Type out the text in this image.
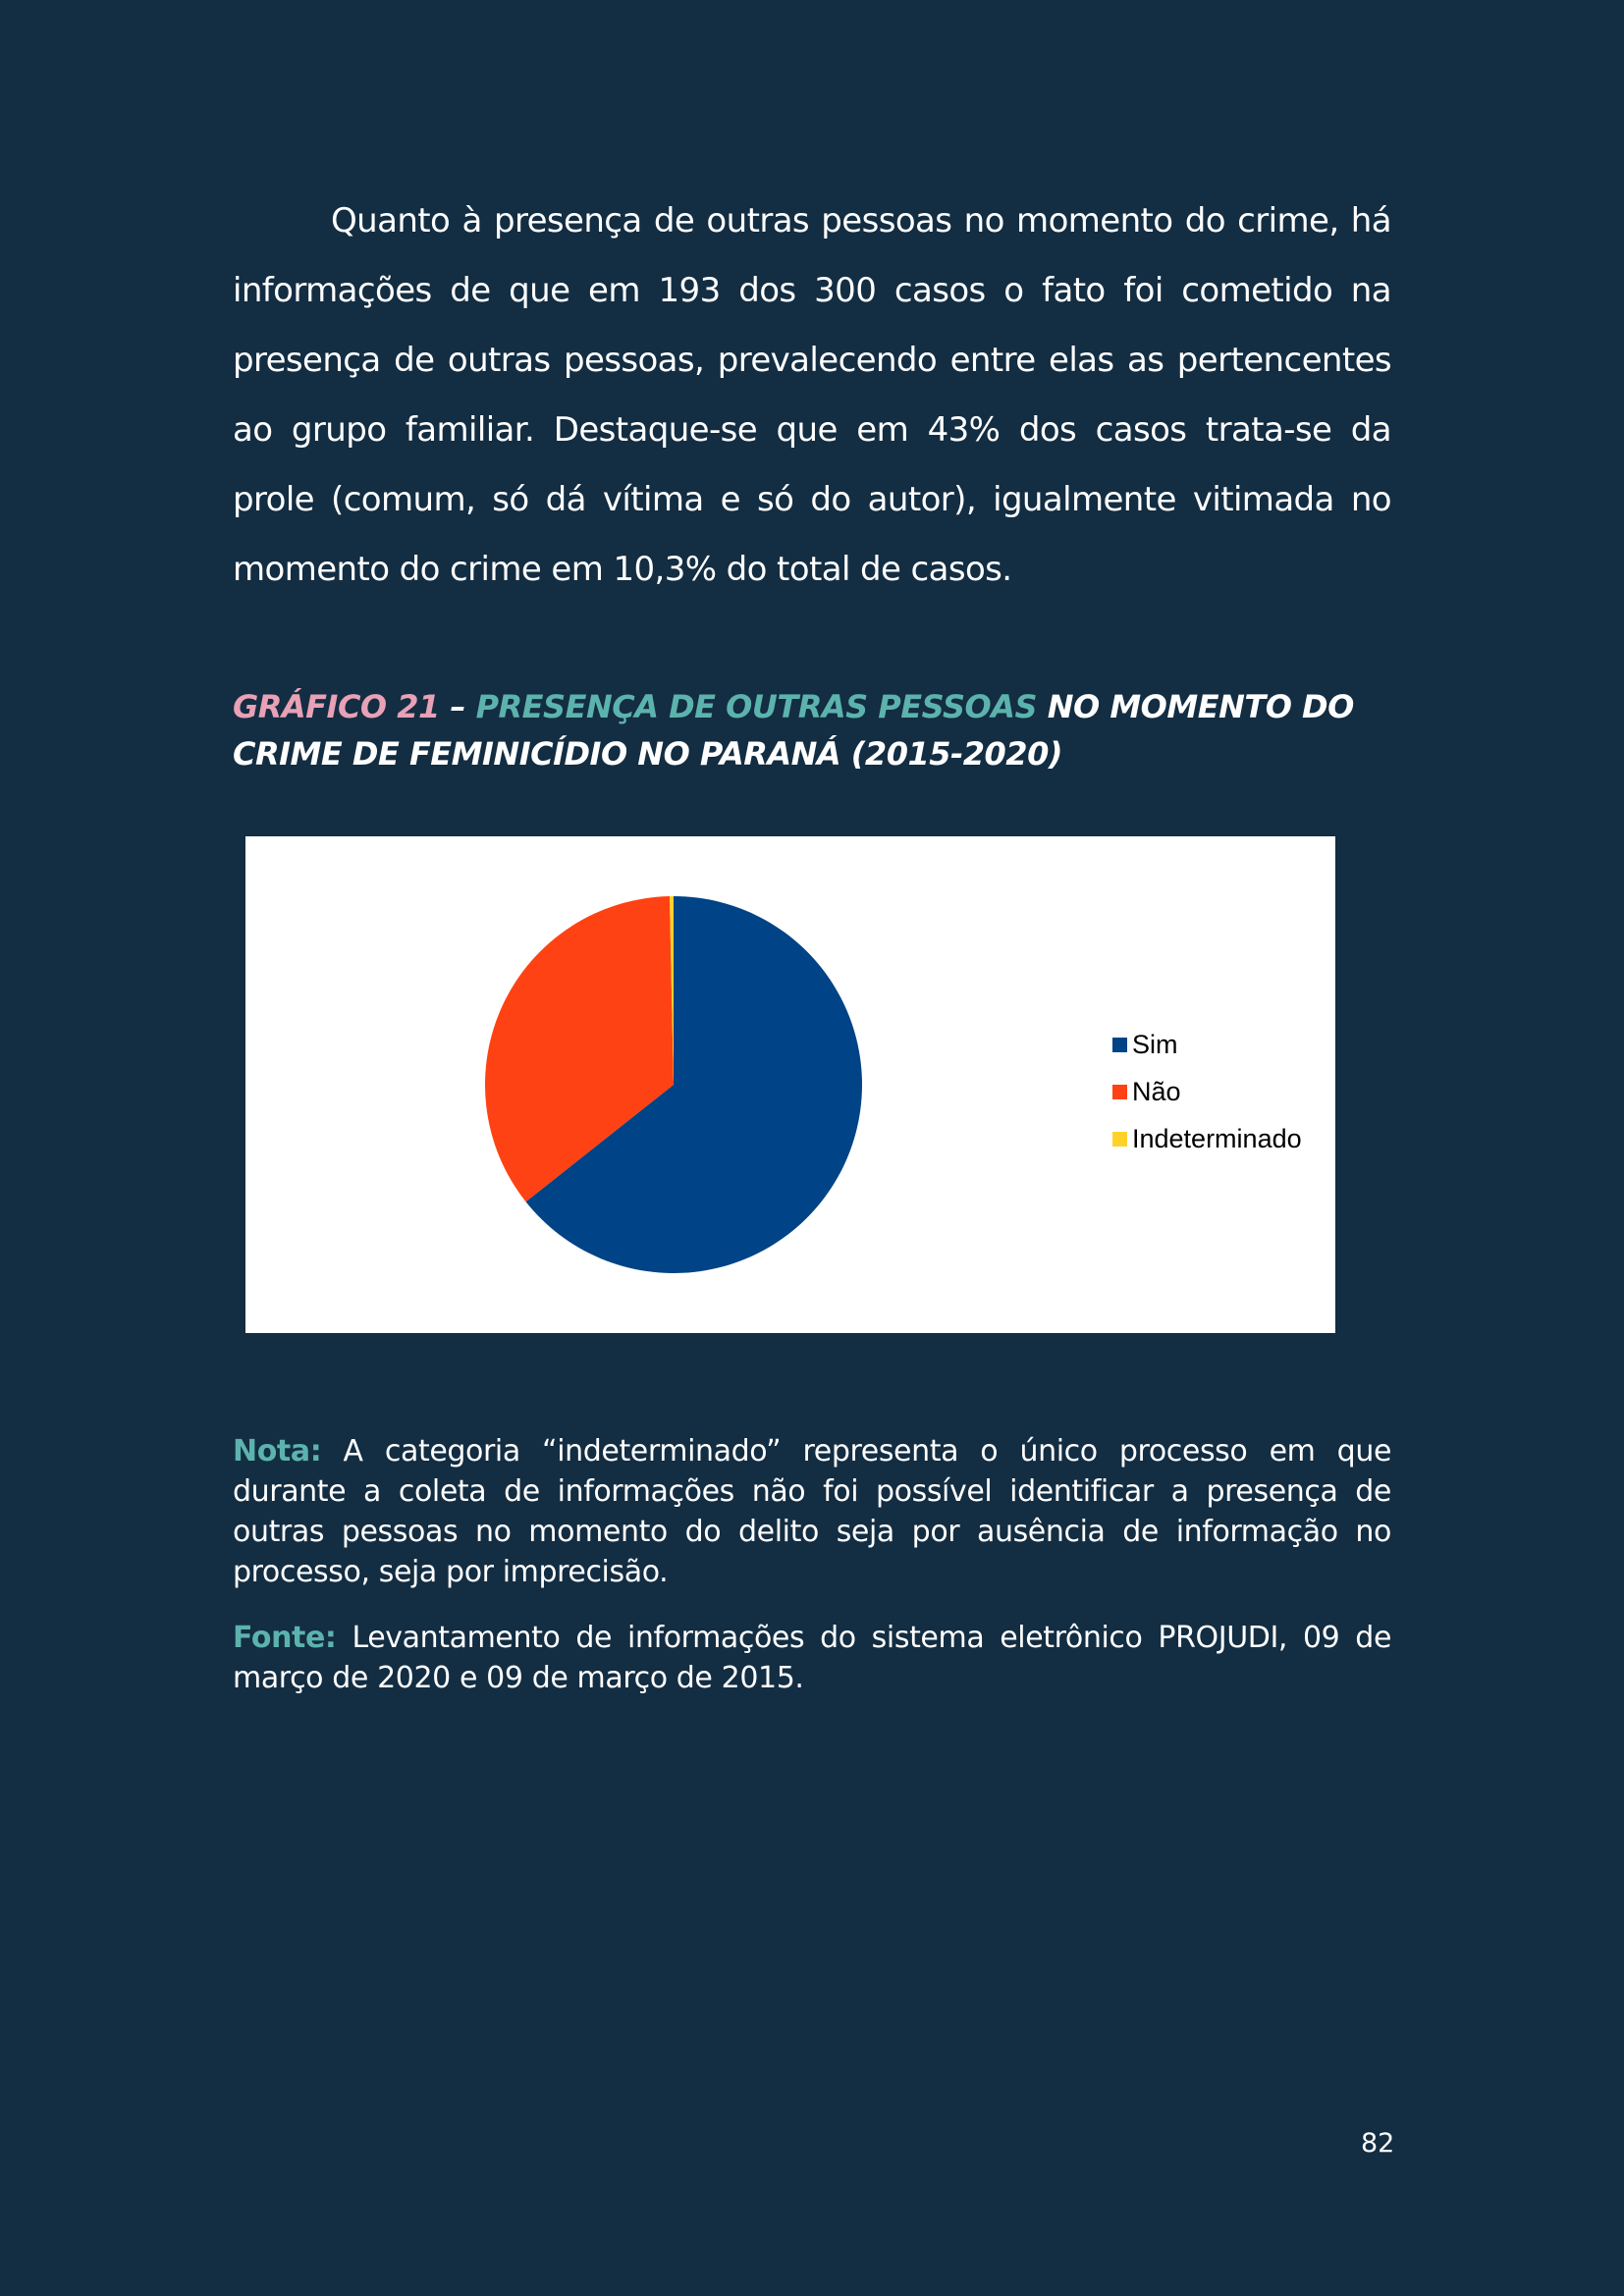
Quanto à presença de outras pessoas no momento do crime, há informações de que em 193 dos 300 casos o fato foi cometido na presença de outras pessoas, prevalecendo entre elas as pertencentes ao grupo familiar. Destaque-se que em 43% dos casos trata-se da prole (comum, só dá vítima e só do autor), igualmente vitimada no momento do crime em 10,3% do total de casos.

GRÁFICO 21 – PRESENÇA DE OUTRAS PESSOAS NO MOMENTO DO CRIME DE FEMINICÍDIO NO PARANÁ (2015-2020)
Sim
Não
Indeterminado

Nota: A categoria “indeterminado” representa o único processo em que durante a coleta de informações não foi possível identificar a presença de outras pessoas no momento do delito seja por ausência de informação no processo, seja por imprecisão.

Fonte: Levantamento de informações do sistema eletrônico PROJUDI, 09 de março de 2020 e 09 de março de 2015.

82
